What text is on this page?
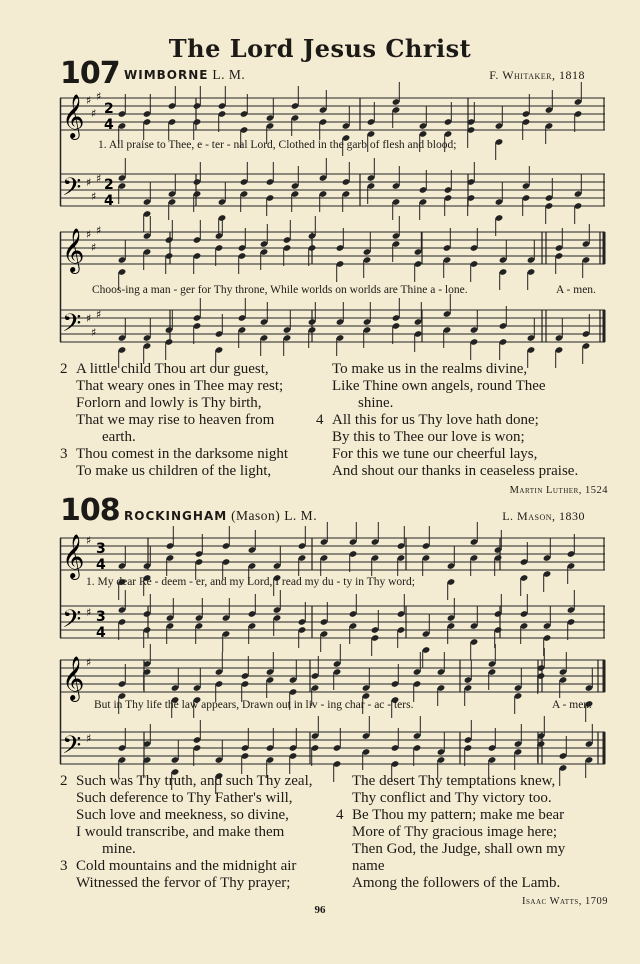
The Lord Jesus Christ
107 WIMBORNE L. M.	F. Whitaker, 1818
𝄞
𝄢
♯
♯
♯
♯
♯
♯
2
4
2
4
1. All praise to Thee, e - ter - nal Lord, Clothed in the garb of flesh and blood;
𝄞
𝄢
♯
♯
♯
♯
♯
♯
Choos-ing a man - ger for Thy throne, While worlds on worlds are Thine a - lone.	A - men.
2 A little child Thou art our guest,
That weary ones in Thee may rest;
Forlorn and lowly is Thy birth,
That we may rise to heaven from
earth.
3 Thou comest in the darksome night
To make us children of the light,
To make us in the realms divine,
Like Thine own angels, round Thee
shine.
4 All this for us Thy love hath done;
By this to Thee our love is won;
For this we tune our cheerful lays,
And shout our thanks in ceaseless praise.
Martin Luther, 1524
108 ROCKINGHAM (Mason) L. M.	L. Mason, 1830
𝄞
𝄢
♯
♯
3
4
3
4
1. My dear Re - deem - er, and my Lord, I read my du - ty in Thy word;
𝄞
𝄢
♯
♯
But in Thy life the law appears, Drawn out in liv - ing char - ac - ters.	A - men.
2 Such was Thy truth, and such Thy zeal,
Such deference to Thy Father's will,
Such love and meekness, so divine,
I would transcribe, and make them
mine.
3 Cold mountains and the midnight air
Witnessed the fervor of Thy prayer;
The desert Thy temptations knew,
Thy conflict and Thy victory too.
4 Be Thou my pattern; make me bear
More of Thy gracious image here;
Then God, the Judge, shall own my
name
Among the followers of the Lamb.
Isaac Watts, 1709
96
